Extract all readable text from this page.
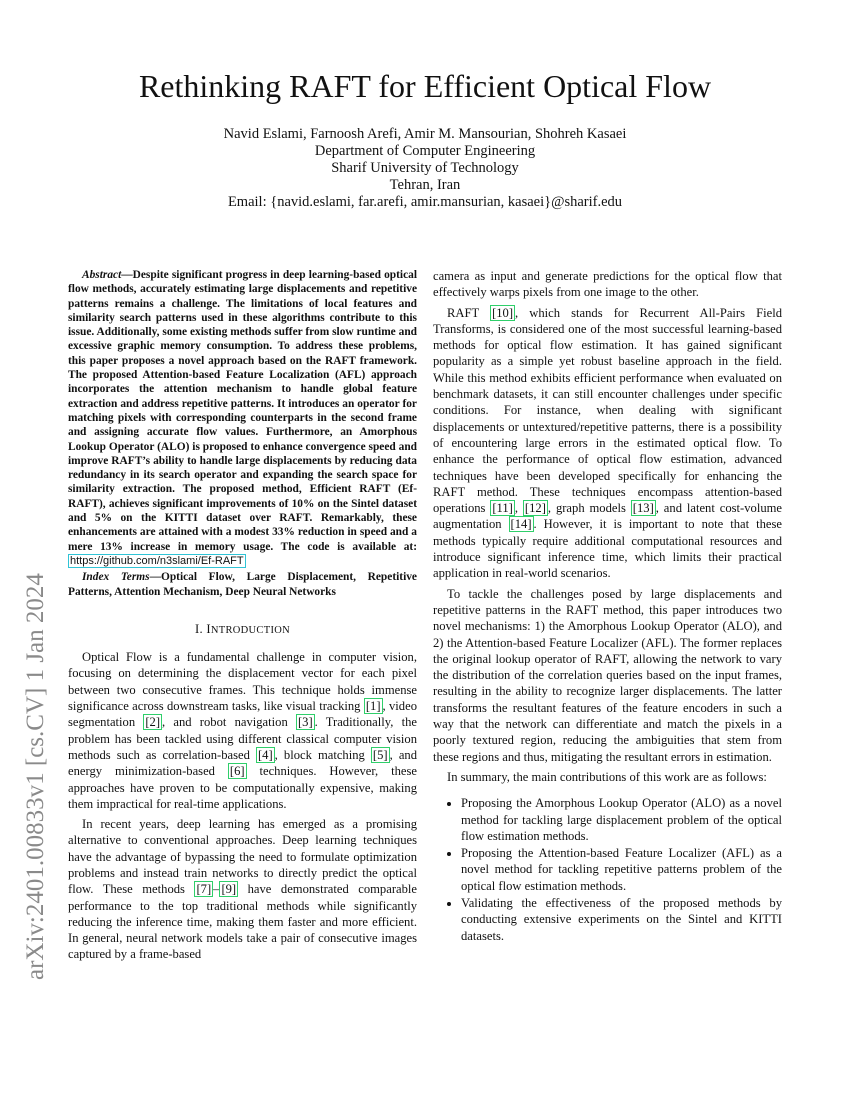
Rethinking RAFT for Efficient Optical Flow
Navid Eslami, Farnoosh Arefi, Amir M. Mansourian, Shohreh Kasaei
Department of Computer Engineering
Sharif University of Technology
Tehran, Iran
Email: {navid.eslami, far.arefi, amir.mansurian, kasaei}@sharif.edu
arXiv:2401.00833v1 [cs.CV] 1 Jan 2024
Abstract—Despite significant progress in deep learning-based optical flow methods, accurately estimating large displacements and repetitive patterns remains a challenge. The limitations of local features and similarity search patterns used in these algorithms contribute to this issue. Additionally, some existing methods suffer from slow runtime and excessive graphic memory consumption. To address these problems, this paper proposes a novel approach based on the RAFT framework. The proposed Attention-based Feature Localization (AFL) approach incorporates the attention mechanism to handle global feature extraction and address repetitive patterns. It introduces an operator for matching pixels with corresponding counterparts in the second frame and assigning accurate flow values. Furthermore, an Amorphous Lookup Operator (ALO) is proposed to enhance convergence speed and improve RAFT’s ability to handle large displacements by reducing data redundancy in its search operator and expanding the search space for similarity extraction. The proposed method, Efficient RAFT (Ef-RAFT), achieves significant improvements of 10% on the Sintel dataset and 5% on the KITTI dataset over RAFT. Remarkably, these enhancements are attained with a modest 33% reduction in speed and a mere 13% increase in memory usage. The code is available at: https://github.com/n3slami/Ef-RAFT
Index Terms—Optical Flow, Large Displacement, Repetitive Patterns, Attention Mechanism, Deep Neural Networks
I. INTRODUCTION

Optical Flow is a fundamental challenge in computer vision, focusing on determining the displacement vector for each pixel between two consecutive frames. This technique holds immense significance across downstream tasks, like visual tracking [1] , video segmentation [2] , and robot navigation [3] . Traditionally, the problem has been tackled using different classical computer vision methods such as correlation-based [4] , block matching [5] , and energy minimization-based [6] techniques. However, these approaches have proven to be computationally expensive, making them impractical for real-time applications.

In recent years, deep learning has emerged as a promising alternative to conventional approaches. Deep learning techniques have the advantage of bypassing the need to formulate optimization problems and instead train networks to directly predict the optical flow. These methods [7] – [9] have demonstrated comparable performance to the top traditional methods while significantly reducing the inference time, making them faster and more efficient. In general, neural network models take a pair of consecutive images captured by a frame-based

camera as input and generate predictions for the optical flow that effectively warps pixels from one image to the other.

RAFT [10] , which stands for Recurrent All-Pairs Field Transforms, is considered one of the most successful learning-based methods for optical flow estimation. It has gained significant popularity as a simple yet robust baseline approach in the field. While this method exhibits efficient performance when evaluated on benchmark datasets, it can still encounter challenges under specific conditions. For instance, when dealing with significant displacements or untextured/repetitive patterns, there is a possibility of encountering large errors in the estimated optical flow. To enhance the performance of optical flow estimation, advanced techniques have been developed specifically for enhancing the RAFT method. These techniques encompass attention-based operations [11] , [12] , graph models [13] , and latent cost-volume augmentation [14] . However, it is important to note that these methods typically require additional computational resources and introduce significant inference time, which limits their practical application in real-world scenarios.

To tackle the challenges posed by large displacements and repetitive patterns in the RAFT method, this paper introduces two novel mechanisms: 1) the Amorphous Lookup Operator (ALO), and 2) the Attention-based Feature Localizer (AFL). The former replaces the original lookup operator of RAFT, allowing the network to vary the distribution of the correlation queries based on the input frames, resulting in the ability to recognize larger displacements. The latter transforms the resultant features of the feature encoders in such a way that the network can differentiate and match the pixels in a poorly textured region, reducing the ambiguities that stem from these regions and thus, mitigating the resultant errors in estimation.

In summary, the main contributions of this work are as follows:

• Proposing the Amorphous Lookup Operator (ALO) as a novel method for tackling large displacement problem of the optical flow estimation methods.
• Proposing the Attention-based Feature Localizer (AFL) as a novel method for tackling repetitive patterns problem of the optical flow estimation methods.
• Validating the effectiveness of the proposed methods by conducting extensive experiments on the Sintel and KITTI datasets.
